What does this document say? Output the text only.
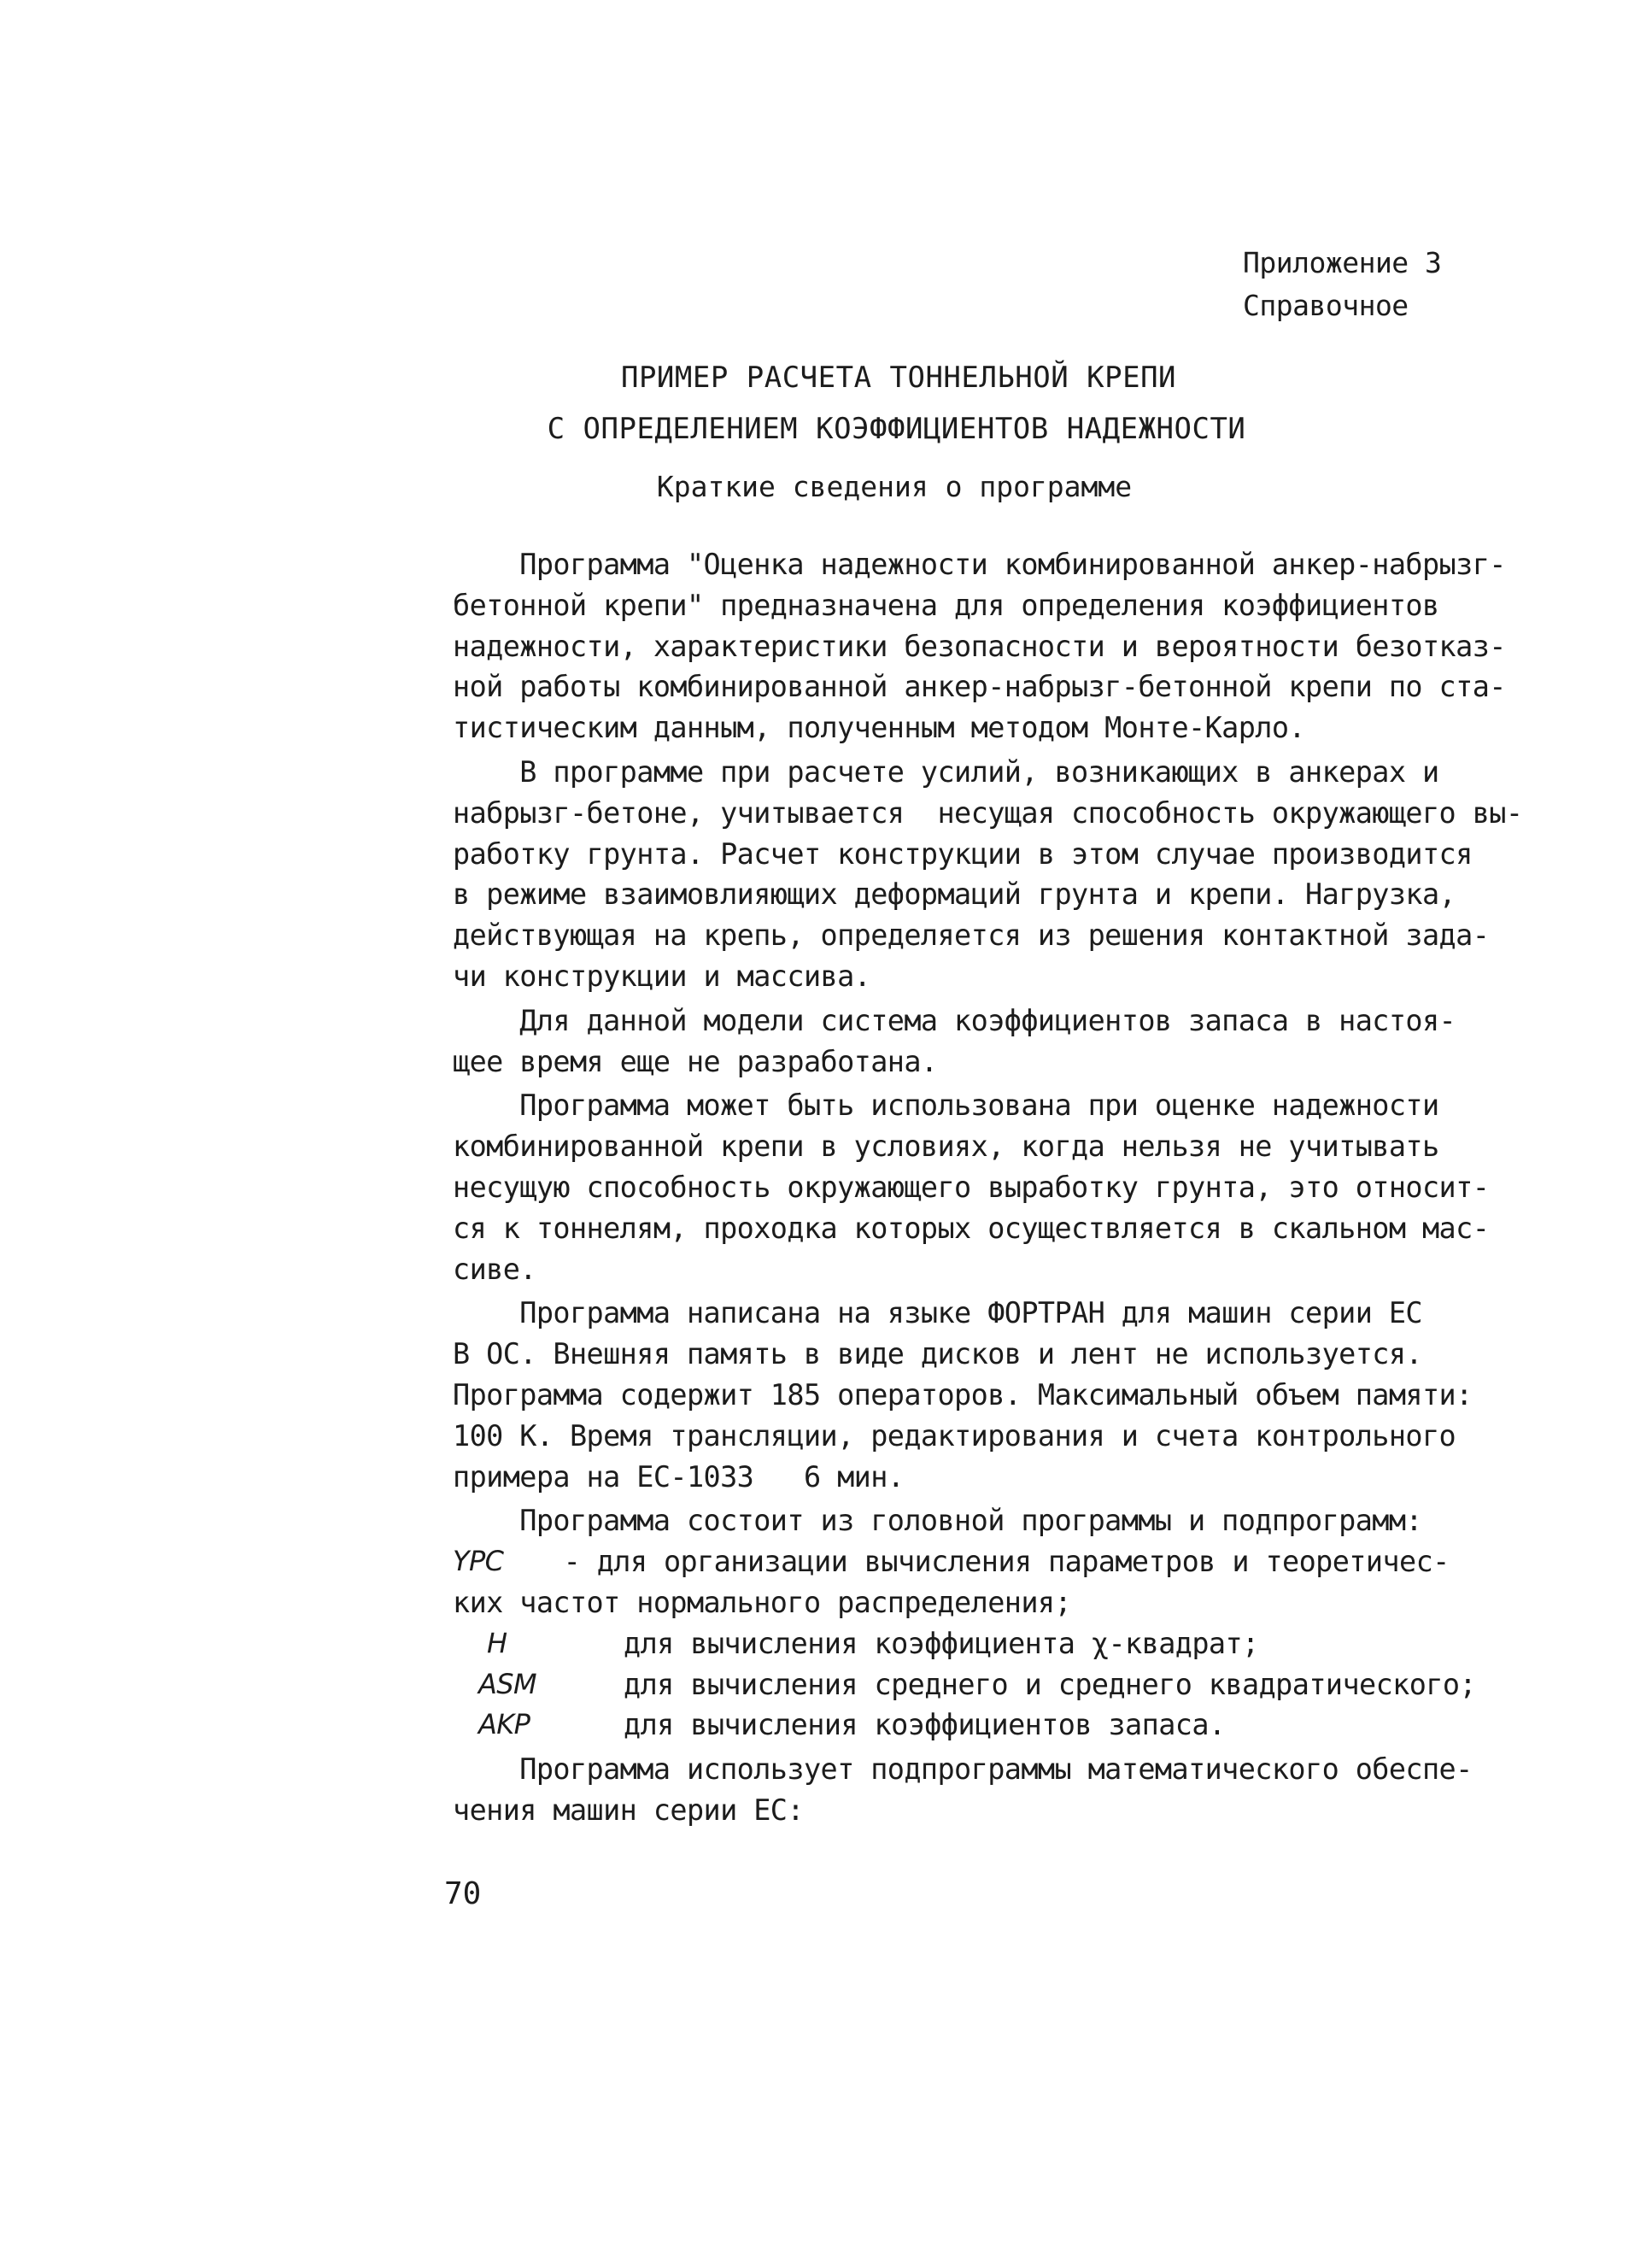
Приложение 3
Справочное
ПРИМЕР РАСЧЕТА ТОННЕЛЬНОЙ КРЕПИ
С ОПРЕДЕЛЕНИЕМ КОЭФФИЦИЕНТОВ НАДЕЖНОСТИ
Краткие сведения о программе
Программа "Оценка надежности комбинированной анкер-набрызг-
бетонной крепи" предназначена для определения коэффициентов
надежности, характеристики безопасности и вероятности безотказ-
ной работы комбинированной анкер-набрызг-бетонной крепи по ста-
тистическим данным, полученным методом Монте-Карло.
В программе при расчете усилий, возникающих в анкерах и
набрызг-бетоне, учитывается  несущая способность окружающего вы-
работку грунта. Расчет конструкции в этом случае производится
в режиме взаимовлияющих деформаций грунта и крепи. Нагрузка,
действующая на крепь, определяется из решения контактной зада-
чи конструкции и массива.
Для данной модели система коэффициентов запаса в настоя-
щее время еще не разработана.
Программа может быть использована при оценке надежности
комбинированной крепи в условиях, когда нельзя не учитывать
несущую способность окружающего выработку грунта, это относит-
ся к тоннелям, проходка которых осуществляется в скальном мас-
сиве.
Программа написана на языке ФОРТРАН для машин серии ЕС
В ОС. Внешняя память в виде дисков и лент не используется.
Программа содержит 185 операторов. Максимальный объем памяти:
100 К. Время трансляции, редактирования и счета контрольного
примера на ЕС-1033   6 мин.
Программа состоит из головной программы и подпрограмм:
YPC	- для организации вычисления параметров и теоретичес-
ких частот нормального распределения;
H	для вычисления коэффициента χ-квадрат;
ASM	для вычисления среднего и среднего квадратического;
AKP	для вычисления коэффициентов запаса.
Программа использует подпрограммы математического обеспе-
чения машин серии ЕС:
70
